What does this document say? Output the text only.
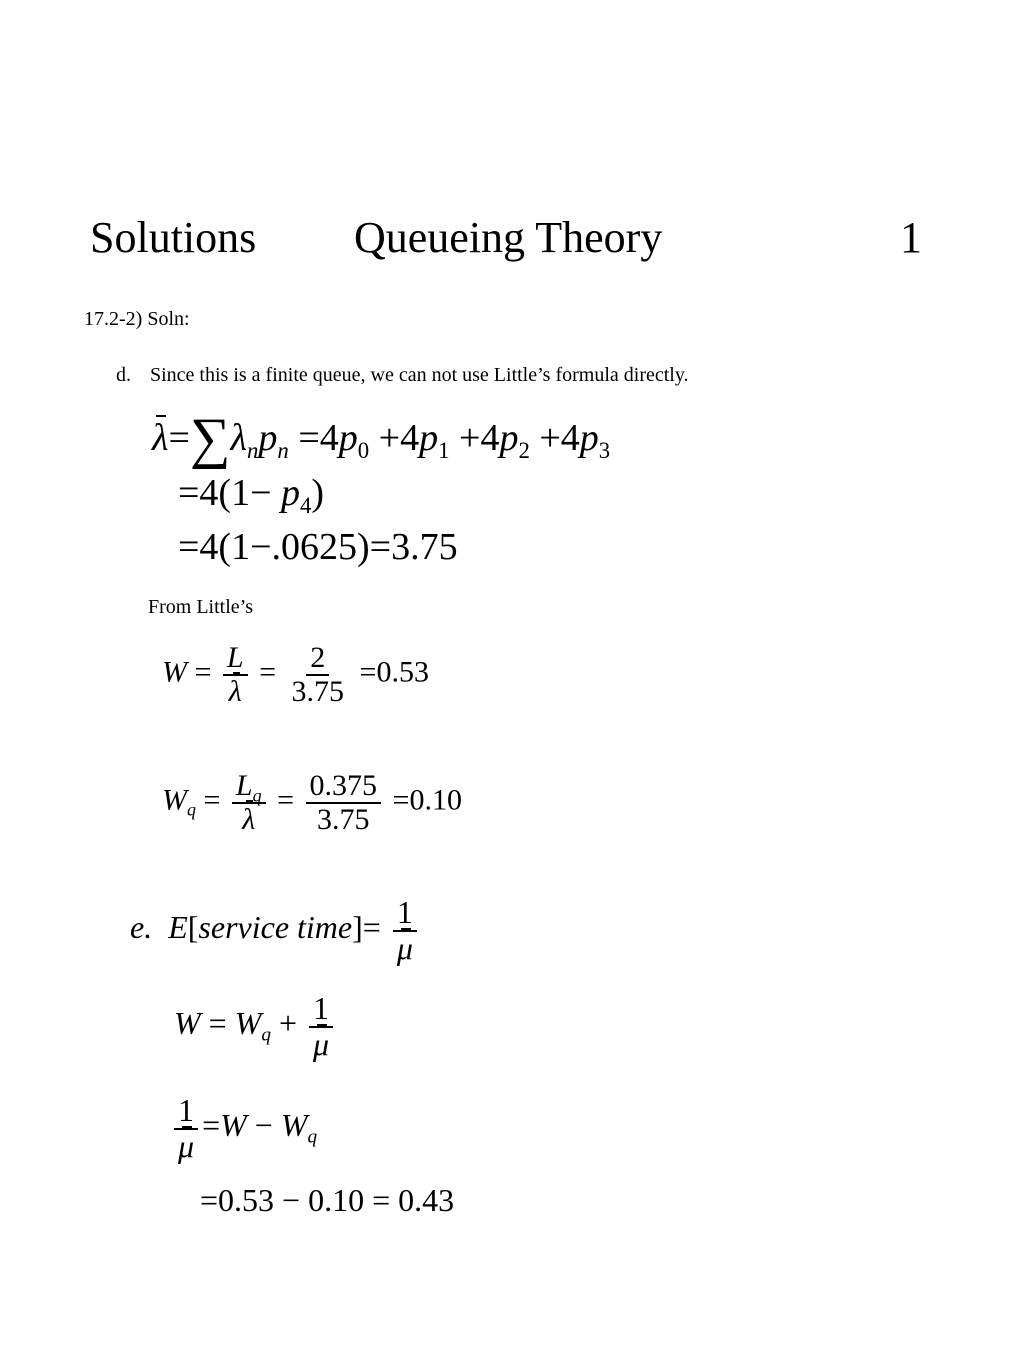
Solutions Queueing Theory	1
17.2-2) Soln:
d. Since this is a finite queue, we can not use Little’s formula directly.
$\lambda=\sum\lambda_np_n =4p_0 +4p_1 +4p_2 +4p_3$
$=4(1- p_4)$
=4(1−.0625)=3.75
From Little’s
$W = \frac{L}{\lambda} = \frac{2}{3.75} =0.53$
$W_q = \frac{L_q}{\lambda} = \frac{0.375}{3.75} =0.10$
e. E[service time]= $\frac{1}{\mu}$
$W = W_q + \frac{1}{\mu}$
$\frac{1}{\mu} =W - W_q$
=0.53 − 0.10 = 0.43
